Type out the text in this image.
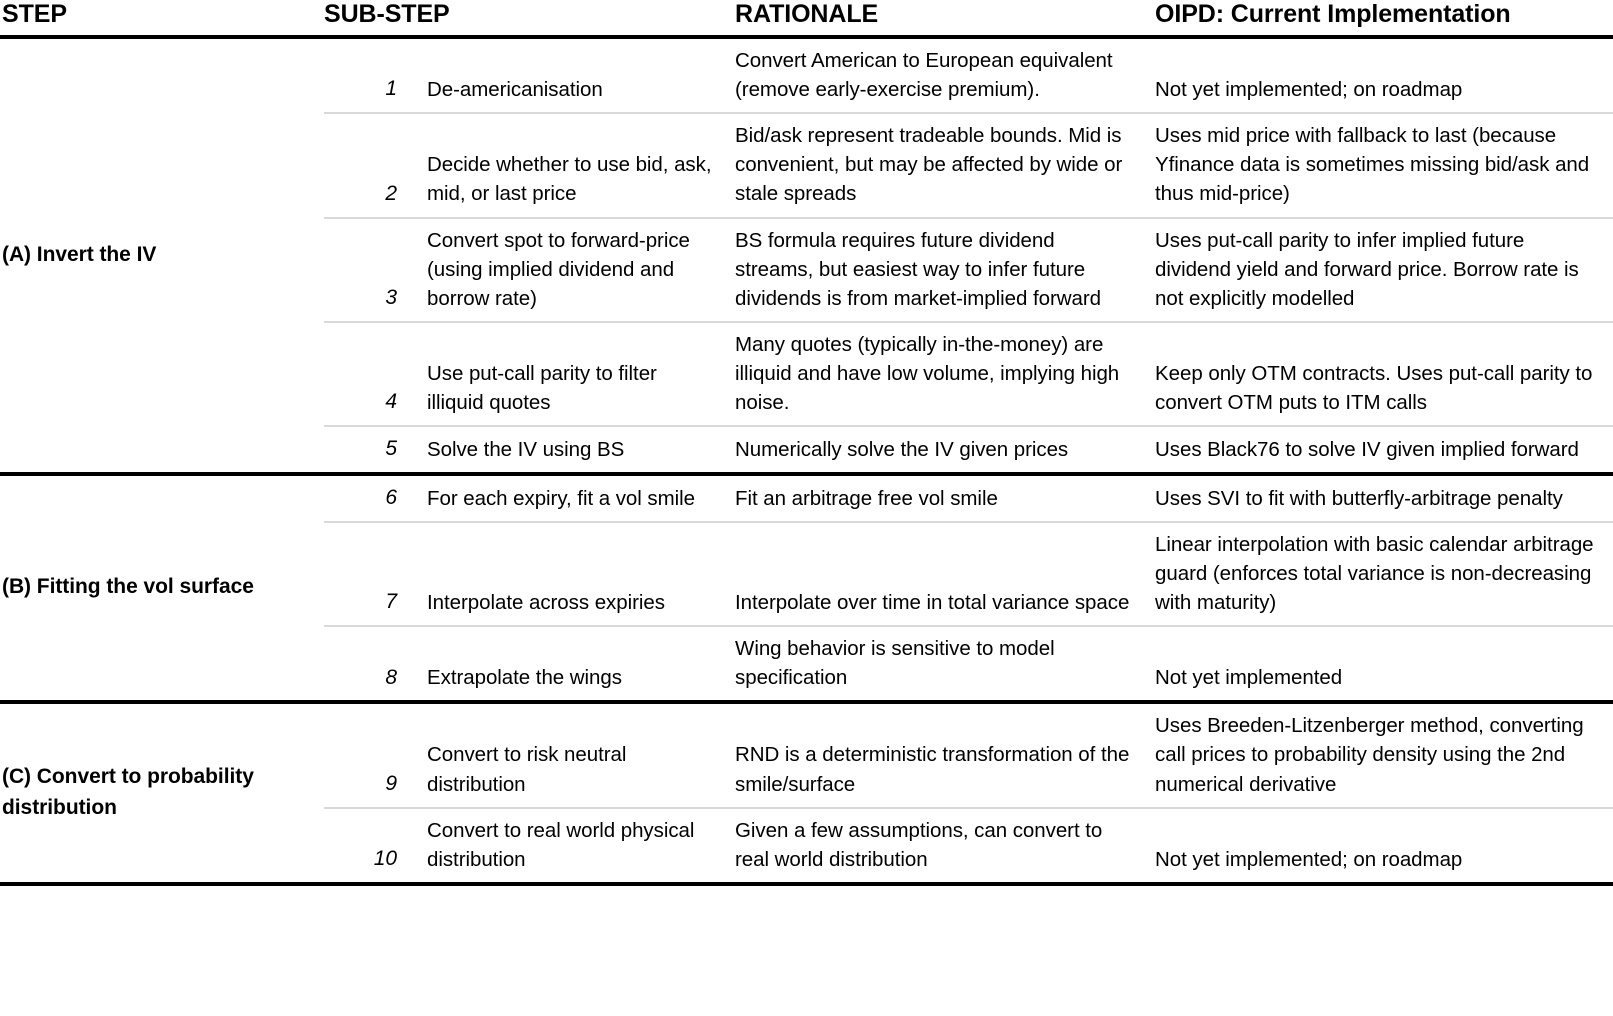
STEP	SUB-STEP		RATIONALE	OIPD: Current Implementation
(A) Invert the IV	1	De-americanisation	Convert American to European equivalent (remove early-exercise premium).	Not yet implemented; on roadmap
	2	Decide whether to use bid, ask, mid, or last price	Bid/ask represent tradeable bounds. Mid is convenient, but may be affected by wide or stale spreads	Uses mid price with fallback to last (because Yfinance data is sometimes missing bid/ask and thus mid-price)
	3	Convert spot to forward-price (using implied dividend and borrow rate)	BS formula requires future dividend streams, but easiest way to infer future dividends is from market-implied forward	Uses put-call parity to infer implied future dividend yield and forward price. Borrow rate is not explicitly modelled
	4	Use put-call parity to filter illiquid quotes	Many quotes (typically in-the-money) are illiquid and have low volume, implying high noise.	Keep only OTM contracts. Uses put-call parity to convert OTM puts to ITM calls
	5	Solve the IV using BS	Numerically solve the IV given prices	Uses Black76 to solve IV given implied forward
(B) Fitting the vol surface	6	For each expiry, fit a vol smile	Fit an arbitrage free vol smile	Uses SVI to fit with butterfly-arbitrage penalty
	7	Interpolate across expiries	Interpolate over time in total variance space	Linear interpolation with basic calendar arbitrage guard (enforces total variance is non-decreasing with maturity)
	8	Extrapolate the wings	Wing behavior is sensitive to model specification	Not yet implemented
(C) Convert to probability distribution	9	Convert to risk neutral distribution	RND is a deterministic transformation of the smile/surface	Uses Breeden-Litzenberger method, converting call prices to probability density using the 2nd numerical derivative
	10	Convert to real world physical distribution	Given a few assumptions, can convert to real world distribution	Not yet implemented; on roadmap
